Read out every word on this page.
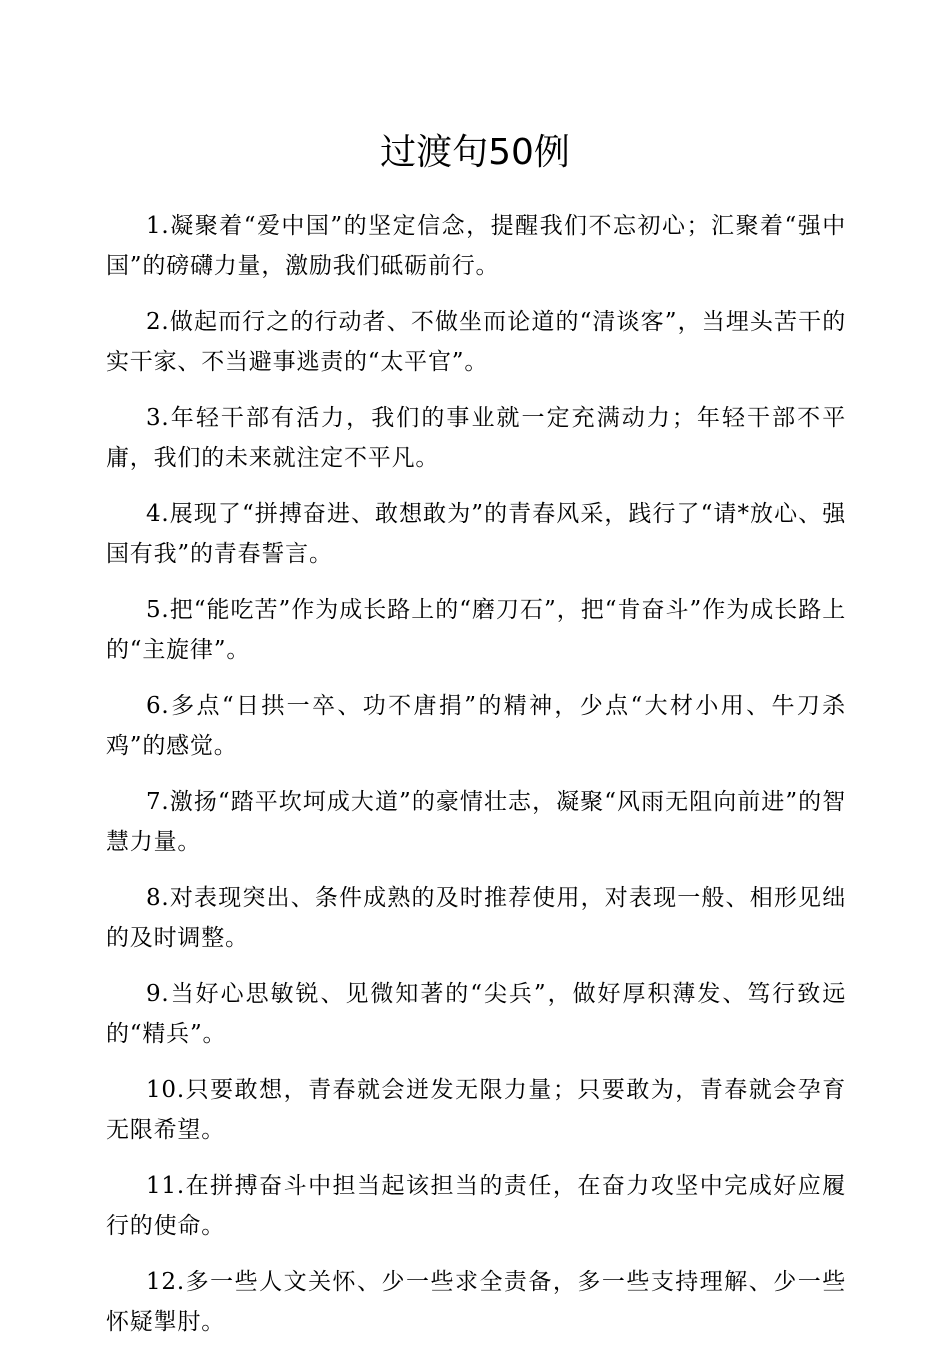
过渡句50例

1.凝聚着“爱中国”的坚定信念，提醒我们不忘初心；汇聚着“强中国”的磅礴力量，激励我们砥砺前行。

2.做起而行之的行动者、不做坐而论道的“清谈客”，当埋头苦干的实干家、不当避事逃责的“太平官”。

3.年轻干部有活力，我们的事业就一定充满动力；年轻干部不平庸，我们的未来就注定不平凡。

4.展现了“拼搏奋进、敢想敢为”的青春风采，践行了“请*放心、强国有我”的青春誓言。

5.把“能吃苦”作为成长路上的“磨刀石”，把“肯奋斗”作为成长路上的“主旋律”。

6.多点“日拱一卒、功不唐捐”的精神，少点“大材小用、牛刀杀鸡”的感觉。

7.激扬“踏平坎坷成大道”的豪情壮志，凝聚“风雨无阻向前进”的智慧力量。

8.对表现突出、条件成熟的及时推荐使用，对表现一般、相形见绌的及时调整。

9.当好心思敏锐、见微知著的“尖兵”，做好厚积薄发、笃行致远的“精兵”。

10.只要敢想，青春就会迸发无限力量；只要敢为，青春就会孕育无限希望。

11.在拼搏奋斗中担当起该担当的责任，在奋力攻坚中完成好应履行的使命。

12.多一些人文关怀、少一些求全责备，多一些支持理解、少一些怀疑掣肘。
